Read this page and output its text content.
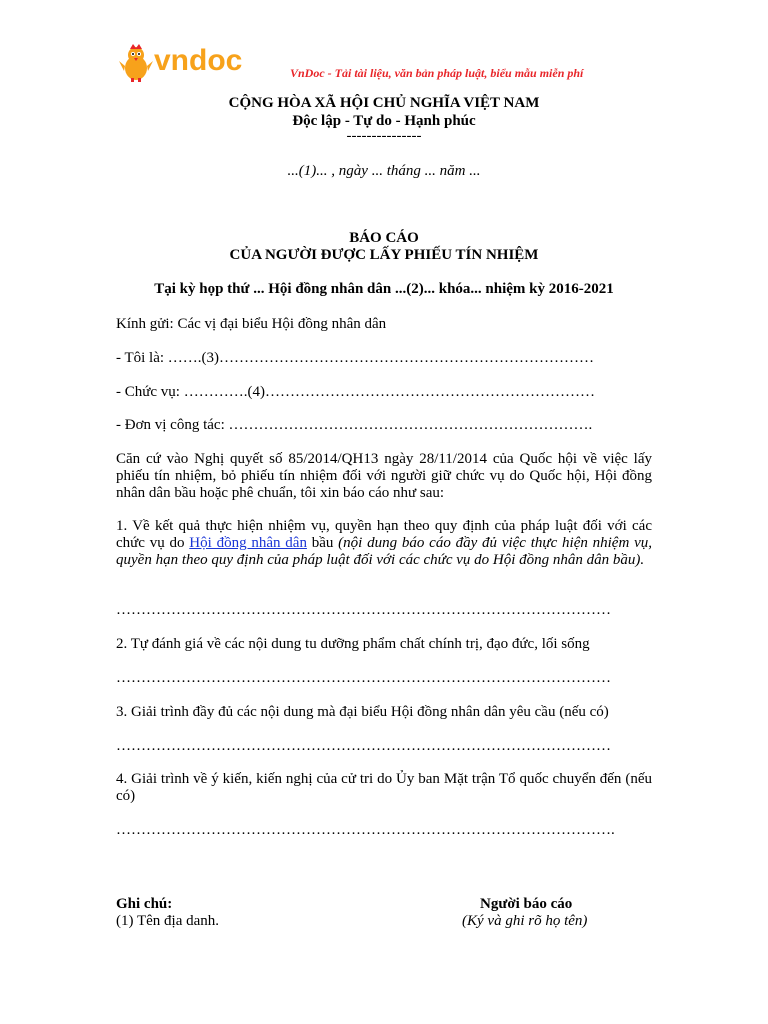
vndoc	VnDoc - Tải tài liệu, văn bản pháp luật, biểu mẫu miễn phí
CỘNG HÒA XÃ HỘI CHỦ NGHĨA VIỆT NAM
Độc lập - Tự do - Hạnh phúc
---------------
...(1)... , ngày ... tháng ... năm ...
BÁO CÁO
CỦA NGƯỜI ĐƯỢC LẤY PHIẾU TÍN NHIỆM
Tại kỳ họp thứ ... Hội đồng nhân dân ...(2)... khóa... nhiệm kỳ 2016-2021
Kính gửi: Các vị đại biểu Hội đồng nhân dân
- Tôi là: …….(3)…………………………………………………………………
- Chức vụ: ………….(4)…………………………………………………………
- Đơn vị công tác: ……………………………………………………………….
Căn cứ vào Nghị quyết số 85/2014/QH13 ngày 28/11/2014 của Quốc hội về việc lấy phiếu tín nhiệm, bỏ phiếu tín nhiệm đối với người giữ chức vụ do Quốc hội, Hội đồng nhân dân bầu hoặc phê chuẩn, tôi xin báo cáo như sau:
1. Về kết quả thực hiện nhiệm vụ, quyền hạn theo quy định của pháp luật đối với các chức vụ do Hội đồng nhân dân bầu (nội dung báo cáo đầy đủ việc thực hiện nhiệm vụ, quyền hạn theo quy định của pháp luật đối với các chức vụ do Hội đồng nhân dân bầu).
………………………………………………………………………………………
2. Tự đánh giá về các nội dung tu dưỡng phẩm chất chính trị, đạo đức, lối sống
………………………………………………………………………………………
3. Giải trình đầy đủ các nội dung mà đại biểu Hội đồng nhân dân yêu cầu (nếu có)
………………………………………………………………………………………
4. Giải trình về ý kiến, kiến nghị của cử tri do Ủy ban Mặt trận Tổ quốc chuyển đến (nếu có)
……………………………………………………………………………………….
Ghi chú:
(1) Tên địa danh.
Người báo cáo
(Ký và ghi rõ họ tên)
